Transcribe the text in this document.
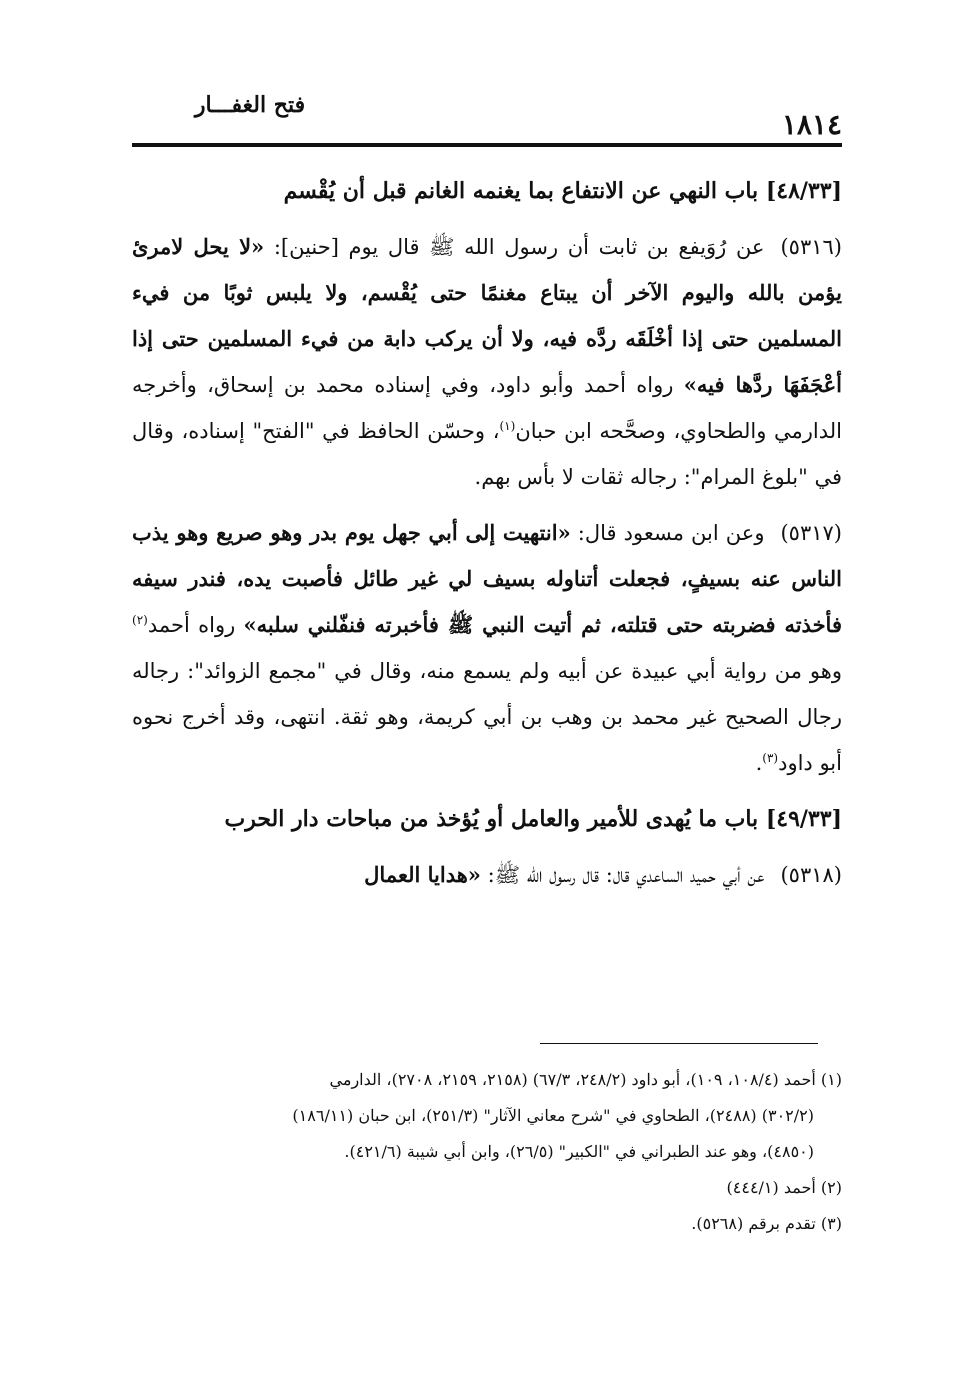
فتح الغفـــار
١٨١٤

[٤٨/٣٣] باب النهي عن الانتفاع بما يغنمه الغانم قبل أن يُقْسم

(٥٣١٦)عن رُوَيفع بن ثابت أن رسول الله ﷺ قال يوم [حنين]: «لا يحل لامرئ يؤمن بالله واليوم الآخر أن يبتاع مغنمًا حتى يُقْسم، ولا يلبس ثوبًا من فيء المسلمين حتى إذا أخْلَقَه ردَّه فيه، ولا أن يركب دابة من فيء المسلمين حتى إذا أعْجَفَهَا ردَّها فيه» رواه أحمد وأبو داود، وفي إسناده محمد بن إسحاق، وأخرجه الدارمي والطحاوي، وصحَّحه ابن حبان$^{(١)}$، وحسّن الحافظ في "الفتح" إسناده، وقال في "بلوغ المرام": رجاله ثقات لا بأس بهم.

(٥٣١٧)وعن ابن مسعود قال: «انتهيت إلى أبي جهل يوم بدر وهو صريع وهو يذب الناس عنه بسيفٍ، فجعلت أتناوله بسيف لي غير طائل فأصبت يده، فندر سيفه فأخذته فضربته حتى قتلته، ثم أتيت النبي ﷺ فأخبرته فنفّلني سلبه» رواه أحمد$^{(٢)}$ وهو من رواية أبي عبيدة عن أبيه ولم يسمع منه، وقال في "مجمع الزوائد": رجاله رجال الصحيح غير محمد بن وهب بن أبي كريمة، وهو ثقة. انتهى، وقد أخرج نحوه أبو داود$^{(٣)}$.

[٤٩/٣٣] باب ما يُهدى للأمير والعامل أو يُؤخذ من مباحات دار الحرب

(٥٣١٨)عن أبي حميد الساعدي قال: قال رسول الله ﷺ: «هدايا العمال

(١) أحمد (١٠٨/٤، ١٠٩)، أبو داود (٢٤٨/٢، ٦٧/٣) (٢١٥٨، ٢١٥٩، ٢٧٠٨)، الدارمي

(٣٠٢/٢) (٢٤٨٨)، الطحاوي في "شرح معاني الآثار" (٢٥١/٣)، ابن حبان (١٨٦/١١)

(٤٨٥٠)، وهو عند الطبراني في "الكبير" (٢٦/٥)، وابن أبي شيبة (٤٢١/٦).

(٢) أحمد (٤٤٤/١)

(٣) تقدم برقم (٥٢٦٨).
